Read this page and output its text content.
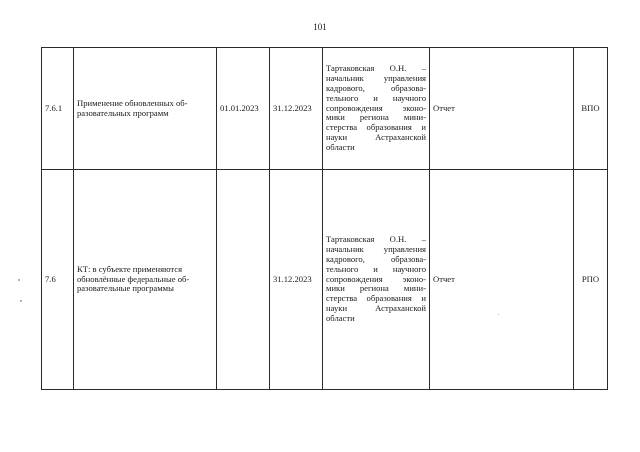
101
7.6.1	Применение обновленных об-разовательных программ	01.01.2023	31.12.2023	Тартаковская О.Н. – начальник управления кадрового, образова-тельного и научного сопровождения эконо-мики региона мини-стерства образования и науки Астраханской области	Отчет	ВПО
7.6	КТ: в субъекте применяются обновлённые федеральные об-разовательные программы		31.12.2023	Тартаковская О.Н. – начальник управления кадрового, образова-тельного и научного сопровождения эконо-мики региона мини-стерства образования и науки Астраханской области	Отчет	РПО
